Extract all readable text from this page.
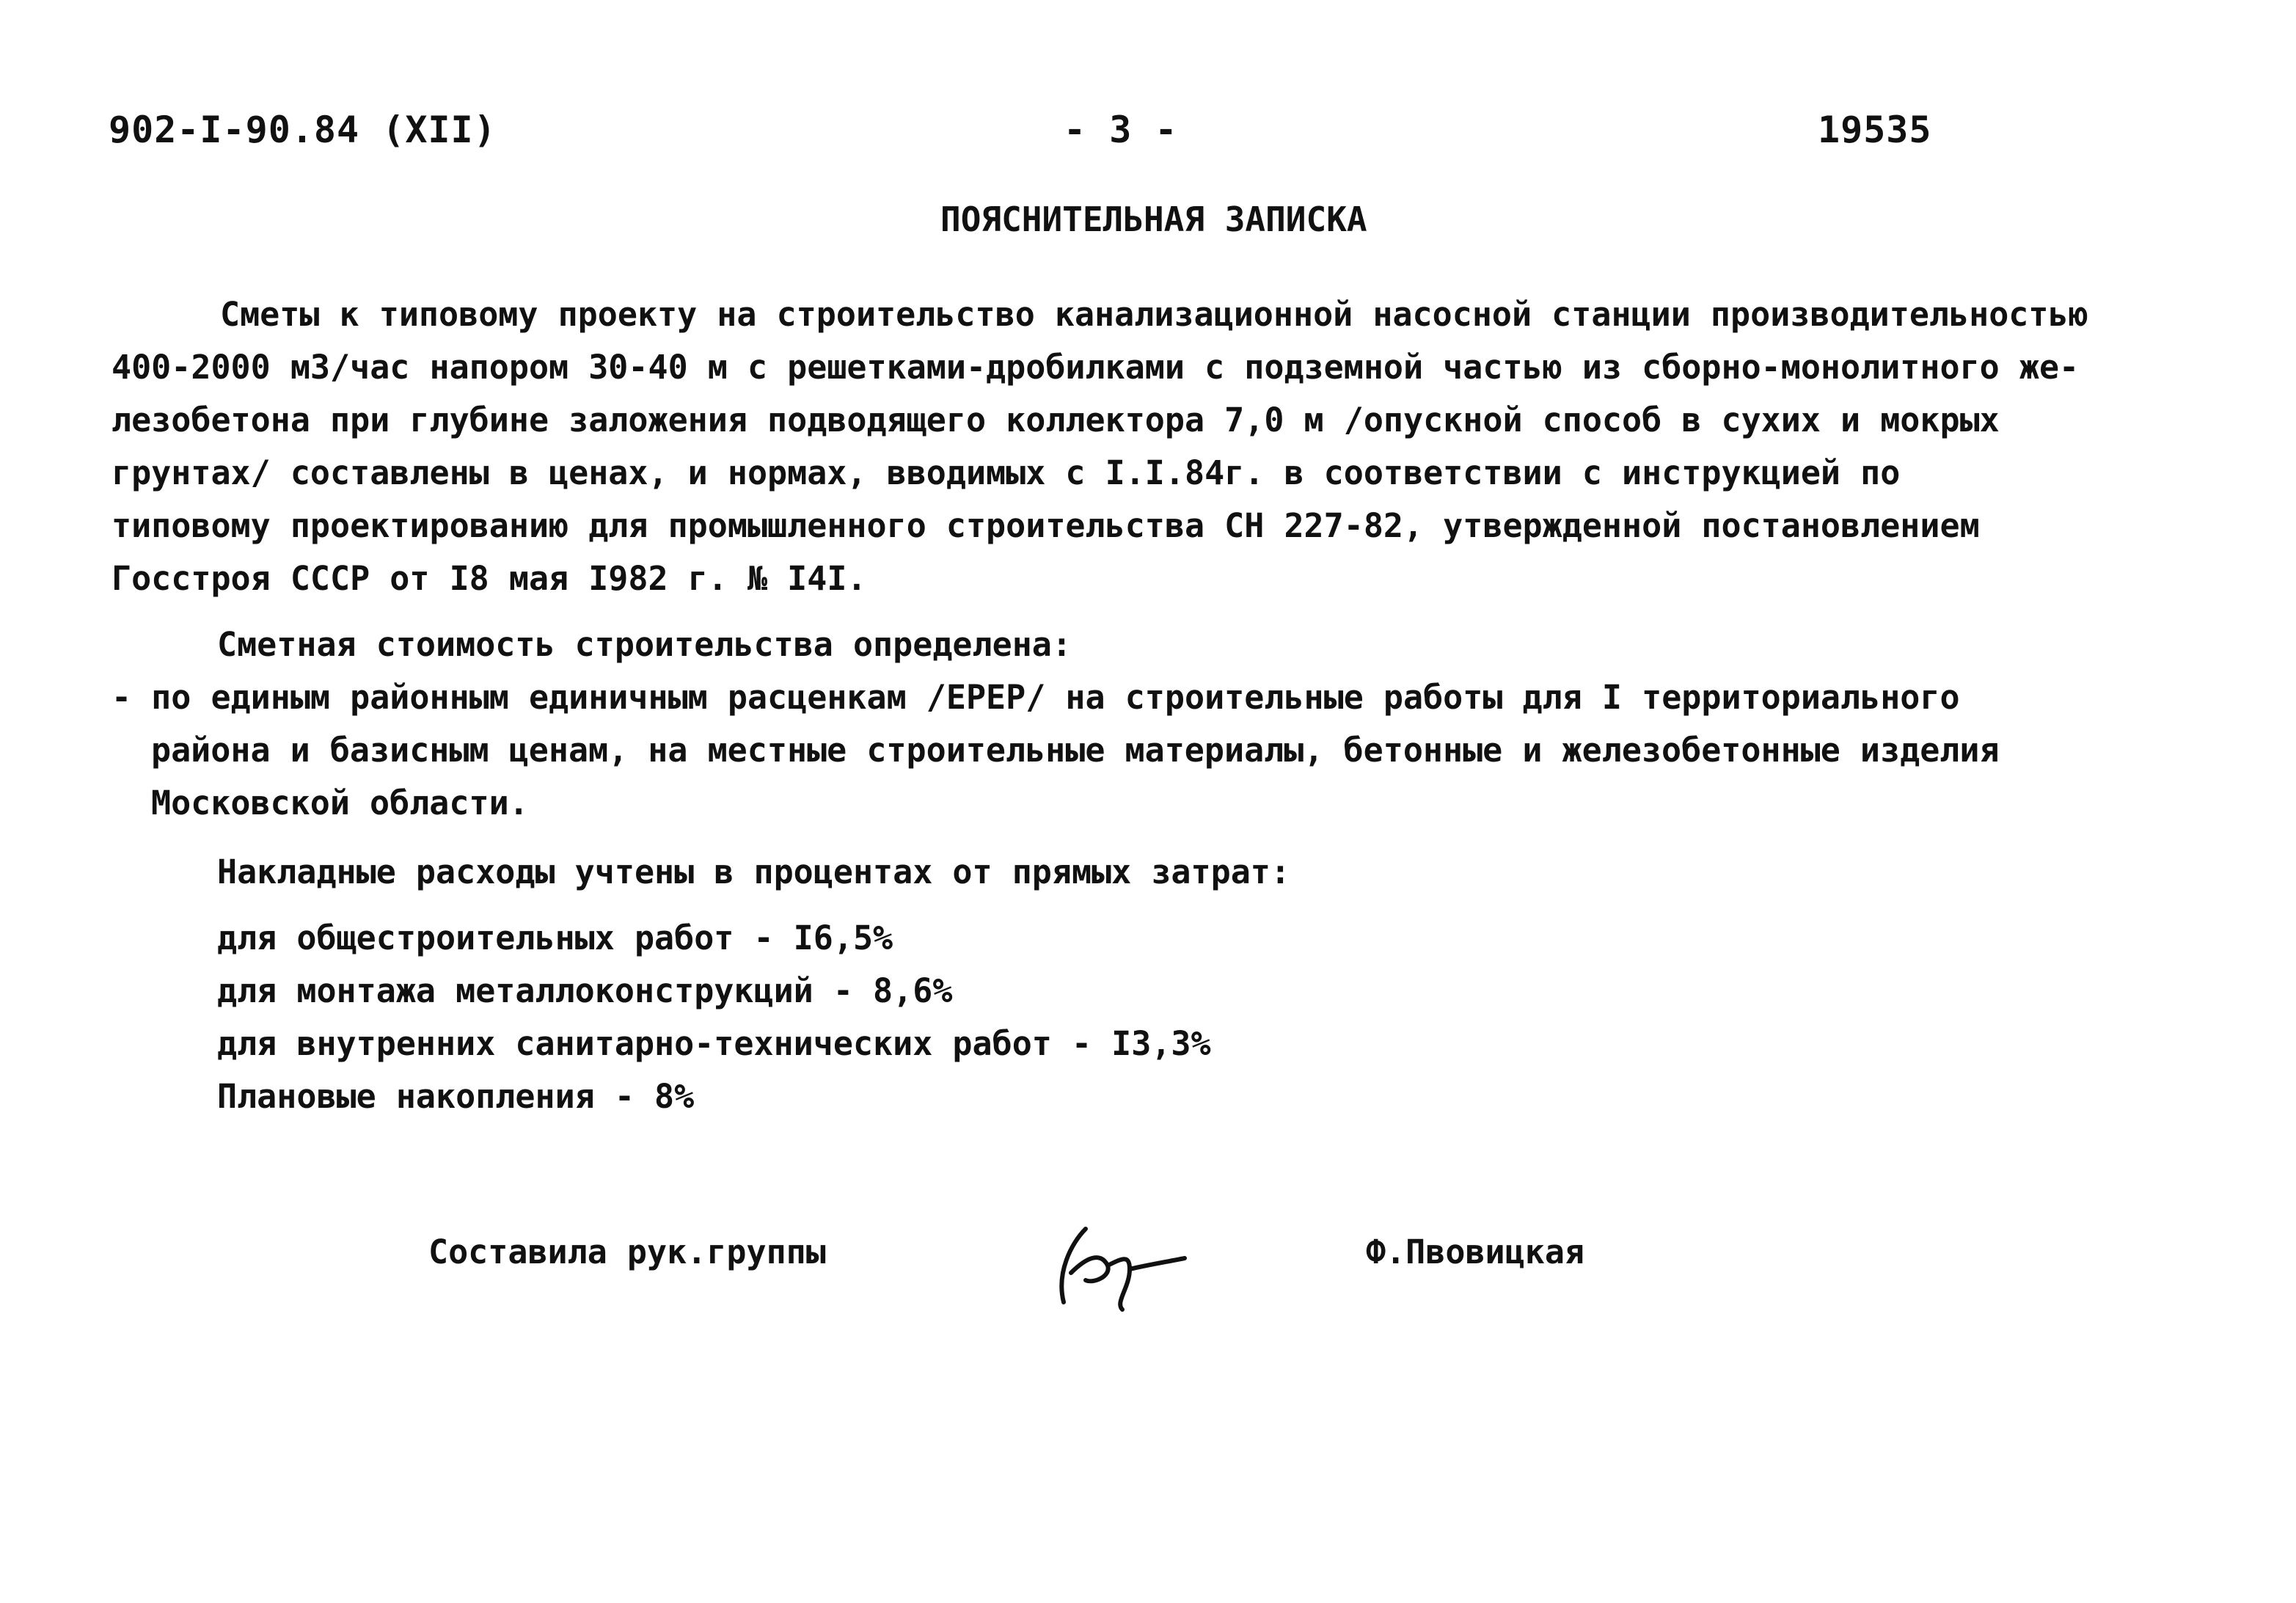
902-I-90.84 (XII)	- 3 -	19535
ПОЯСНИТЕЛЬНАЯ ЗАПИСКА
Сметы к типовому проекту на строительство канализационной насосной станции производительностью
400-2000 м3/час напором 30-40 м с решетками-дробилками с подземной частью из сборно-монолитного же-
лезобетона при глубине заложения подводящего коллектора 7,0 м /опускной способ в сухих и мокрых
грунтах/ составлены в ценах, и нормах, вводимых с I.I.84г. в соответствии с инструкцией по
типовому проектированию для промышленного строительства СН 227-82, утвержденной постановлением
Госстроя СССР от I8 мая I982 г. № I4I.
Сметная стоимость строительства определена:
- по единым районным единичным расценкам /ЕРЕР/ на строительные работы для I территориального
района и базисным ценам, на местные строительные материалы, бетонные и железобетонные изделия
Московской области.
Накладные расходы учтены в процентах от прямых затрат:
для общестроительных работ - I6,5%
для монтажа металлоконструкций - 8,6%
для внутренних санитарно-технических работ - I3,3%
Плановые накопления - 8%
Составила рук.группы	Ф.Пвовицкая
